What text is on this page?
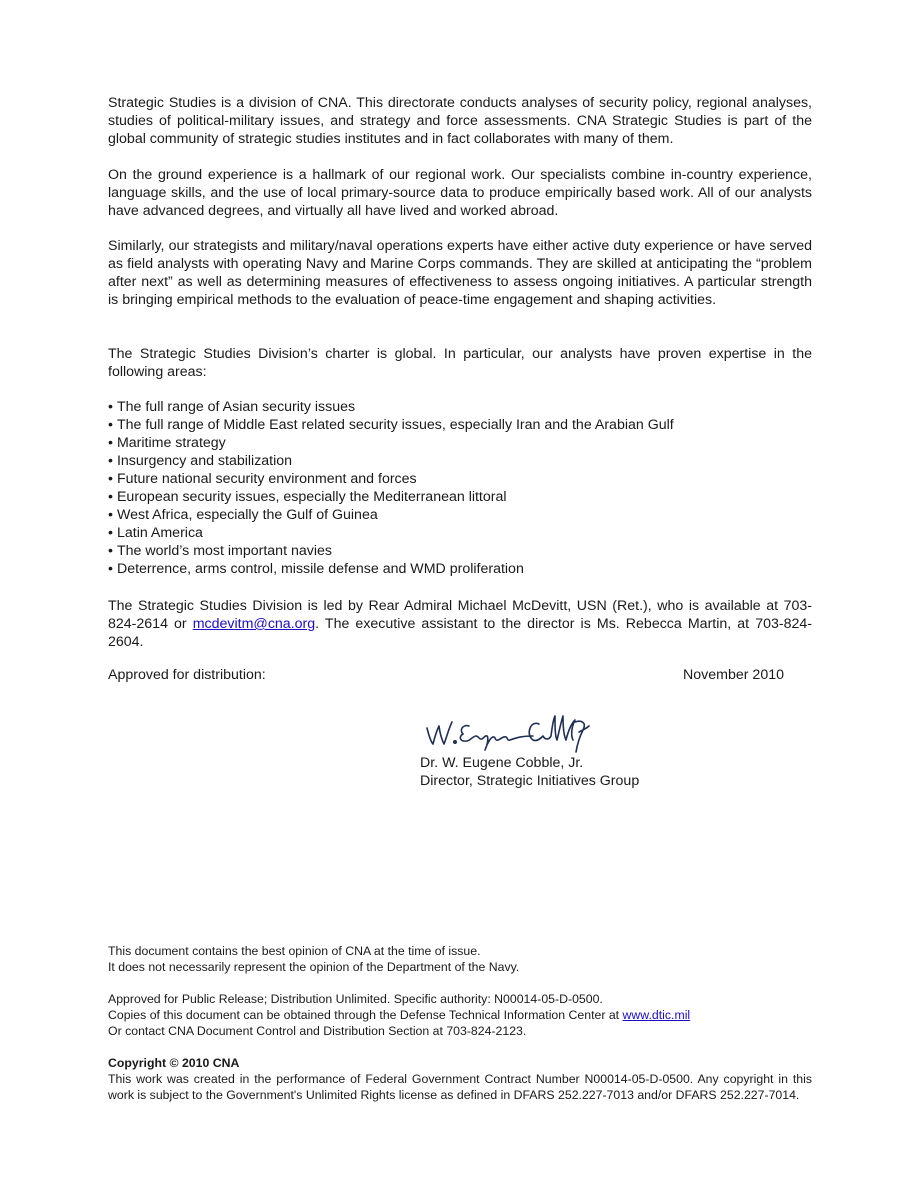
Strategic Studies is a division of CNA. This directorate conducts analyses of security policy, regional analyses, studies of political-military issues, and strategy and force assessments. CNA Strategic Studies is part of the global community of strategic studies institutes and in fact collaborates with many of them.

On the ground experience is a hallmark of our regional work. Our specialists combine in-country experience, language skills, and the use of local primary-source data to produce empirically based work. All of our analysts have advanced degrees, and virtually all have lived and worked abroad.

Similarly, our strategists and military/naval operations experts have either active duty experience or have served as field analysts with operating Navy and Marine Corps commands. They are skilled at anticipating the “problem after next” as well as determining measures of effectiveness to assess ongoing initiatives. A particular strength is bringing empirical methods to the evaluation of peace-time engagement and shaping activities.

The Strategic Studies Division’s charter is global. In particular, our analysts have proven expertise in the following areas:

• The full range of Asian security issues
• The full range of Middle East related security issues, especially Iran and the Arabian Gulf
• Maritime strategy
• Insurgency and stabilization
• Future national security environment and forces
• European security issues, especially the Mediterranean littoral
• West Africa, especially the Gulf of Guinea
• Latin America
• The world’s most important navies
• Deterrence, arms control, missile defense and WMD proliferation

The Strategic Studies Division is led by Rear Admiral Michael McDevitt, USN (Ret.), who is available at 703-824-2614 or mcdevitm@cna.org. The executive assistant to the director is Ms. Rebecca Martin, at 703-824-2604.

Approved for distribution:	November 2010
Dr. W. Eugene Cobble, Jr.
Director, Strategic Initiatives Group
This document contains the best opinion of CNA at the time of issue.
It does not necessarily represent the opinion of the Department of the Navy.
Approved for Public Release; Distribution Unlimited. Specific authority: N00014-05-D-0500.
Copies of this document can be obtained through the Defense Technical Information Center at www.dtic.mil
Or contact CNA Document Control and Distribution Section at 703-824-2123.
Copyright © 2010 CNA
This work was created in the performance of Federal Government Contract Number N00014-05-D-0500. Any copyright in this work is subject to the Government's Unlimited Rights license as defined in DFARS 252.227-7013 and/or DFARS 252.227-7014.
